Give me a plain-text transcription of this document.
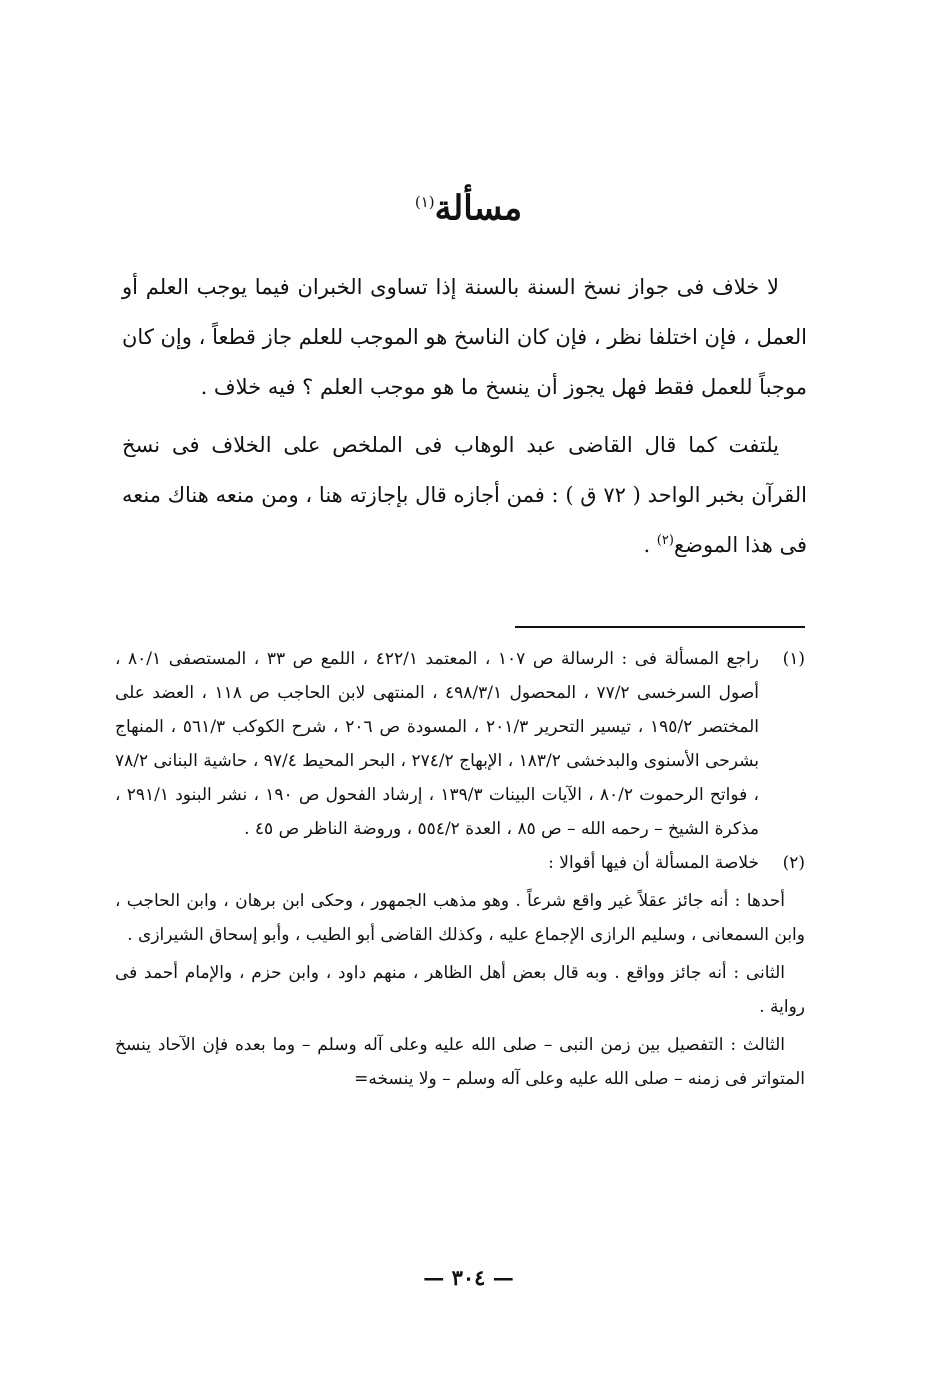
مسألة$^{(١)}$

لا خلاف فى جواز نسخ السنة بالسنة إذا تساوى الخبران فيما يوجب العلم أو العمل ، فإن اختلفا نظر ، فإن كان الناسخ هو الموجب للعلم جاز قطعاً ، وإن كان موجباً للعمل فقط فهل يجوز أن ينسخ ما هو موجب العلم ؟ فيه خلاف .

يلتفت كما قال القاضى عبد الوهاب فى الملخص على الخلاف فى نسخ القرآن بخبر الواحد ( ٧٢ ق ) : فمن أجازه قال بإجازته هنا ، ومن منعه هناك منعه فى هذا الموضع$^{(٢)}$ .

(١)

راجع المسألة فى : الرسالة ص ١٠٧ ، المعتمد ٤٢٢/١ ، اللمع ص ٣٣ ، المستصفى ٨٠/١ ، أصول السرخسى ٧٧/٢ ، المحصول ٤٩٨/٣/١ ، المنتهى لابن الحاجب ص ١١٨ ، العضد على المختصر ١٩٥/٢ ، تيسير التحرير ٢٠١/٣ ، المسودة ص ٢٠٦ ، شرح الكوكب ٥٦١/٣ ، المنهاج بشرحى الأسنوى والبدخشى ١٨٣/٢ ، الإبهاج ٢٧٤/٢ ، البحر المحيط ٩٧/٤ ، حاشية البنانى ٧٨/٢ ، فواتح الرحموت ٨٠/٢ ، الآيات البينات ١٣٩/٣ ، إرشاد الفحول ص ١٩٠ ، نشر البنود ٢٩١/١ ، مذكرة الشيخ – رحمه الله – ص ٨٥ ، العدة ٥٥٤/٢ ، وروضة الناظر ص ٤٥ .

(٢)

خلاصة المسألة أن فيها أقوالا :

أحدها : أنه جائز عقلاً غير واقع شرعاً . وهو مذهب الجمهور ، وحكى ابن برهان ، وابن الحاجب ، وابن السمعانى ، وسليم الرازى الإجماع عليه ، وكذلك القاضى أبو الطيب ، وأبو إسحاق الشيرازى .

الثانى : أنه جائز وواقع . وبه قال بعض أهل الظاهر ، منهم داود ، وابن حزم ، والإمام أحمد فى رواية .

الثالث : التفصيل بين زمن النبى – صلى الله عليه وعلى آله وسلم – وما بعده فإن الآحاد ينسخ المتواتر فى زمنه – صلى الله عليه وعلى آله وسلم – ولا ينسخه=

— ٣٠٤ —
